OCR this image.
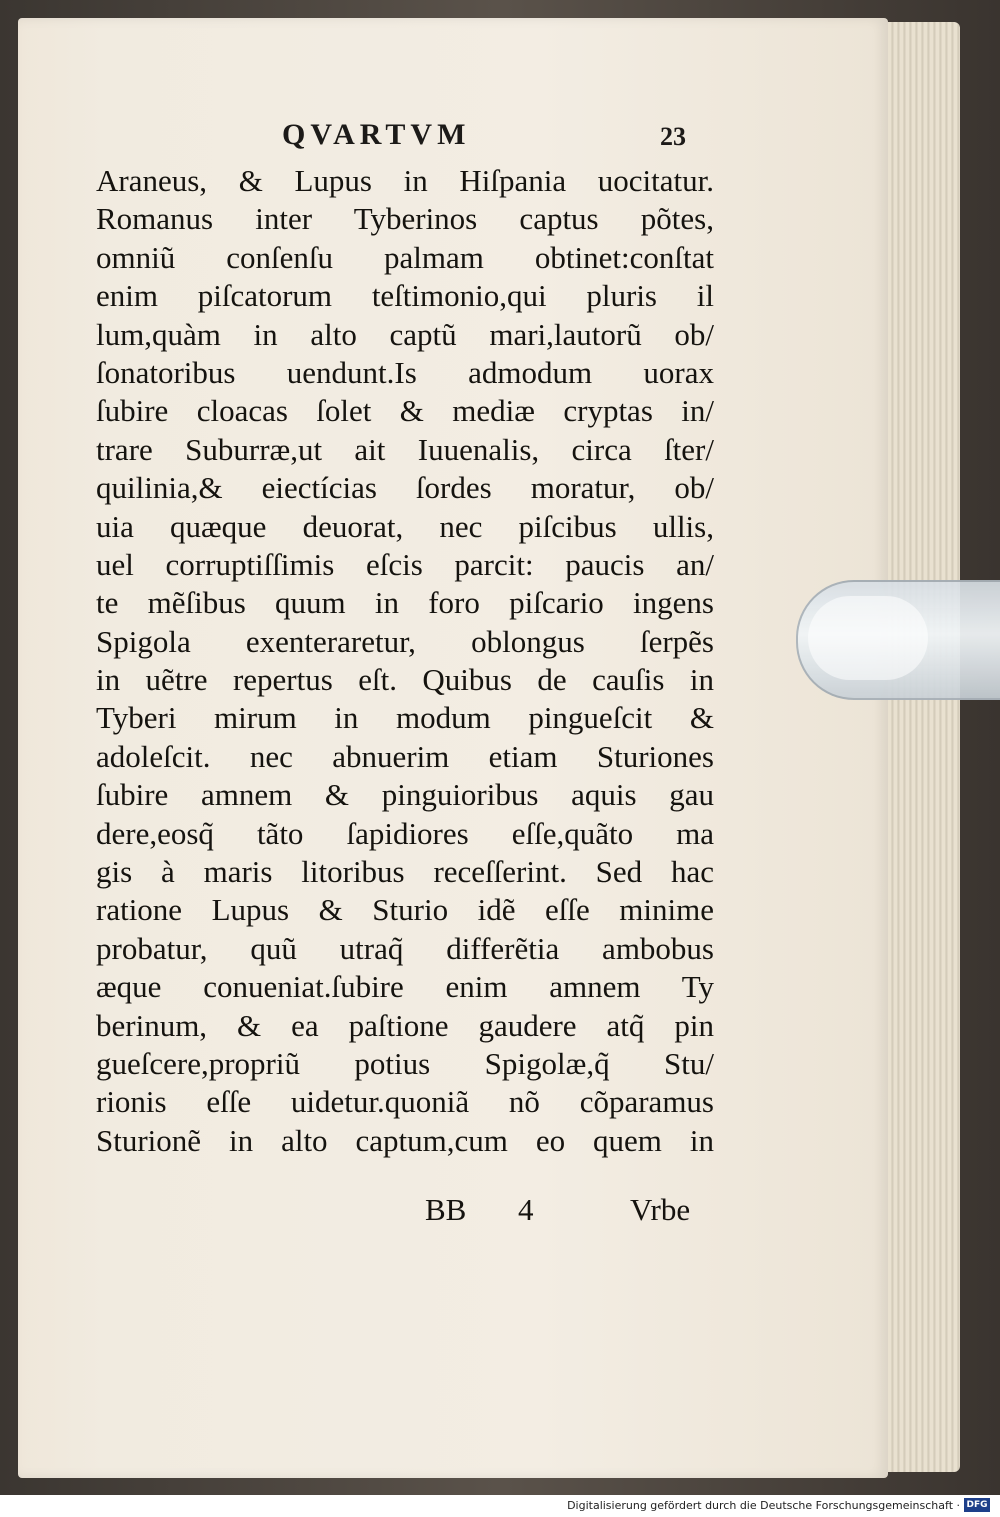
QVARTVM	23
Araneus, & Lupus in Hiſpania uocitatur.
Romanus inter Tyberinos captus põtes,
omniũ conſenſu palmam obtinet:conſtat
enim piſcatorum teſtimonio,qui pluris il
lum,quàm in alto captũ mari,lautorũ ob/
ſonatoribus uendunt.Is admodum uorax
ſubire cloacas ſolet & mediæ cryptas in/
trare Suburræ,ut ait Iuuenalis, circa ſter/
quilinia,& eiectícias ſordes moratur, ob/
uia quæque deuorat, nec piſcibus ullis,
uel corruptiſſimis eſcis parcit: paucis an/
te mẽſibus quum in foro piſcario ingens
Spigola exenteraretur, oblongus ſerpẽs
in uẽtre repertus eſt. Quibus de cauſis in
Tyberi mirum in modum pingueſcit &
adoleſcit. nec abnuerim etiam Sturiones
ſubire amnem & pinguioribus aquis gau
dere,eosq̃ tãto ſapidiores eſſe,quãto ma
gis à maris litoribus receſſerint. Sed hac
ratione Lupus & Sturio idẽ eſſe minime
probatur, quũ utraq̃ differẽtia ambobus
æque conueniat.ſubire enim amnem Ty
berinum, & ea paſtione gaudere atq̃ pin
gueſcere,propriũ potius Spigolæ,q̃ Stu/
rionis eſſe uidetur.quoniã nõ cõparamus
Sturionẽ in alto captum,cum eo quem in
BB 4	Vrbe
Digitalisierung gefördert durch die Deutsche Forschungsgemeinschaft · DFG
